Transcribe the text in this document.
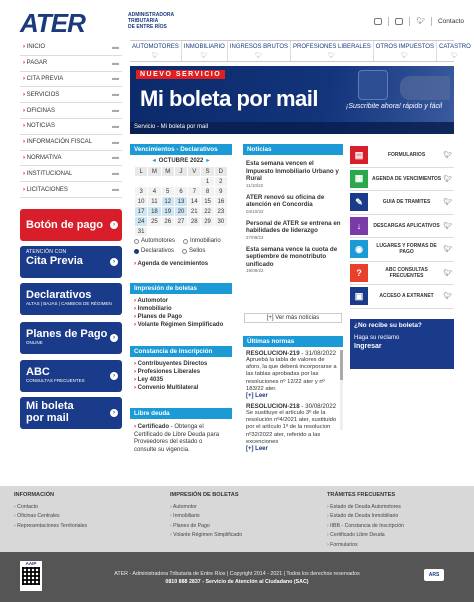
ATER	ADMINISTRADORA
TRIBUTARIA
DE ENTRE RÍOS
🐦︎ Contacto
AUTOMOTORES
🐦︎
INMOBILIARIO
🐦︎
INGRESOS BRUTOS
🐦︎
PROFESIONES LIBERALES
🐦︎
OTROS IMPUESTOS
🐦︎
CATASTRO
🐦︎
› INICIO	▬
› PAGAR	▬
› CITA PREVIA	▬
› SERVICIOS	▬
› OFICINAS	▬
› NOTICIAS	▬
› INFORMACIÓN FISCAL	▬
› NORMATIVA	▬
› INSTITUCIONAL	▬
› LICITACIONES	▬
Botón de pago	›
ATENCIÓN CON
Cita Previa	›
Declarativos
ALTAS | BAJAS | CAMBIOS DE RÉGIMEN
Planes de Pago
ONLINE
›
ABC
CONSULTAS FRECUENTES
›
Mi boleta
por mail	›
NUEVO SERVICIO
Mi boleta por mail	¡Suscribite ahora! rápido y fácil
Servicio - Mi boleta por mail
Vencimientos - Declarativos
◂ OCTUBRE 2022 ▸
L	M	M	J	V	S	D
					1	2
3	4	5	6	7	8	9
10	11	12	13	14	15	16
17	18	19	20	21	22	23
24	25	26	27	28	29	30
31						
Automotores	Inmobiliario
Declarativos	Sellos
› Agenda de vencimientos
Impresión de boletas
› Automotor
› Inmobiliario
› Planes de Pago
› Volante Régimen Simplificado
Constancia de inscripción
› Contribuyentes Directos
› Profesiones Liberales
› Ley 4035
› Convenio Multilateral
Libre deuda
› Certificado - Obtenga el Certificado de Libre Deuda para Proveedores del estado o consulte su vigencia.
Noticias
Esta semana vencen el Impuesto Inmobiliario Urbano y Rural
11/10/22
ATER renovó su oficina de atención en Concordia
04/10/22
Personal de ATER se entrena en habilidades de liderazgo
27/09/22
Esta semana vence la cuota de septiembre de monotributo unificado
19/09/22
[+] Ver más noticias
Últimas normas
RESOLUCION-219 - 31/08/2022
Apruebá la tabla de valores de aforo, la que deberá incorporarse a las tablas aprobadas por las resoluciones nº 12/22 ater y nº 183/22 ater.
[+] Leer
RESOLUCION-218 - 30/08/2022
Se sustituye el artículo 3º de la resolución nº4/2021 ater, sustituido por el artículo 1º de la resolucion nº32/2022 ater, referido a las excenciones
[+] Leer
▤	FORMULARIOS	🐦︎
▦	AGENDA DE VENCIMIENTOS 🐦︎
✎	GUIA DE TRAMITES	🐦︎
↓	DESCARGAS APLICATIVOS 🐦︎
◉	LUGARES Y FORMAS DE PAGO	🐦︎
?	ABC CONSULTAS FRECUENTES	🐦︎
▣	ACCESO A EXTRANET	🐦︎
¿No recibe su boleta?
Haga su reclamo
Ingresar
INFORMACIÓN
› Contacto
› Oficinas Centrales
› Representaciones Territoriales
IMPRESIÓN DE BOLETAS
› Automotor
› Inmobiliario
› Planes de Pago
› Volante Régimen Simplificado
TRÁMITES FRECUENTES
› Estado de Deuda Automotores
› Estado de Deuda Inmobiliario
› IIBB - Constancia de Inscripción
› Certificado Libre Deuda
› Formularios
AAIP
ATER - Administradora Tributaria de Entre Ríos | Copyright 2014 - 2021 | Todos los derechos reservados
0810 888 2837 - Servicio de Atención al Ciudadano (SAC)
ARS
